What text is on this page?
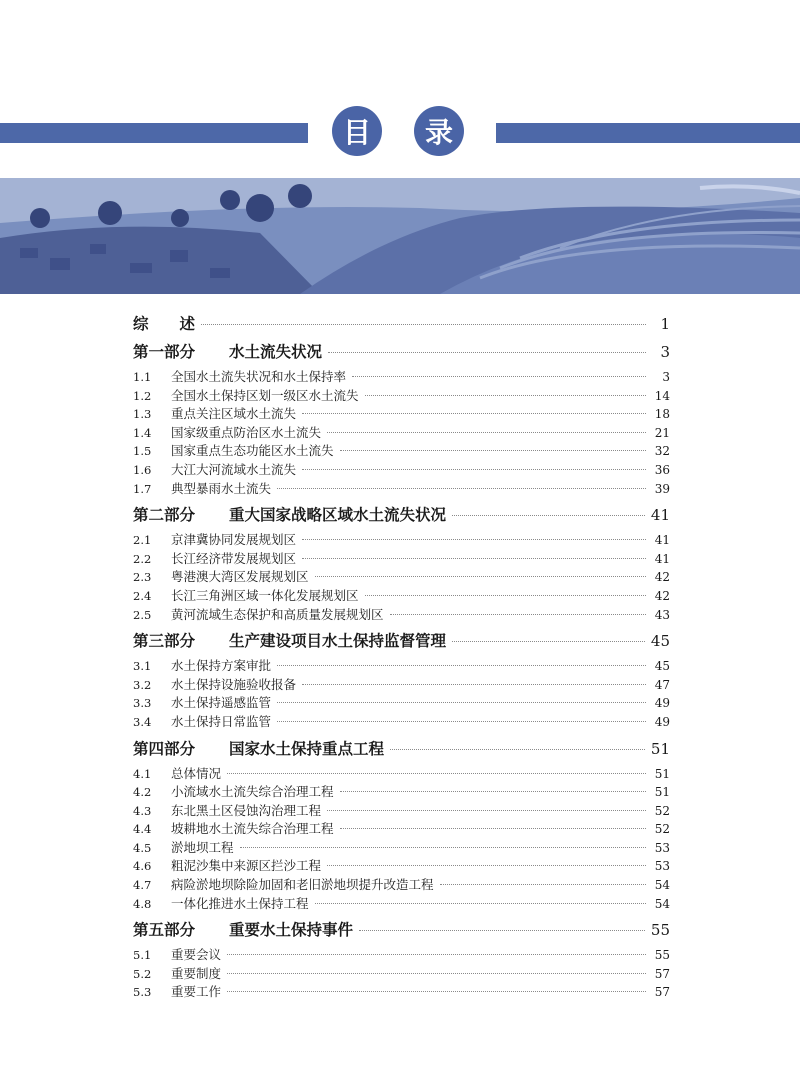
目	录
综　　述	1
第一部分	水土流失状况	3
1.1	全国水土流失状况和水土保持率	3
1.2	全国水土保持区划一级区水土流失	14
1.3	重点关注区域水土流失	18
1.4	国家级重点防治区水土流失	21
1.5	国家重点生态功能区水土流失	32
1.6	大江大河流域水土流失	36
1.7	典型暴雨水土流失	39
第二部分	重大国家战略区域水土流失状况	41
2.1	京津冀协同发展规划区	41
2.2	长江经济带发展规划区	41
2.3	粤港澳大湾区发展规划区	42
2.4	长江三角洲区域一体化发展规划区	42
2.5	黄河流域生态保护和高质量发展规划区	43
第三部分	生产建设项目水土保持监督管理	45
3.1	水土保持方案审批	45
3.2	水土保持设施验收报备	47
3.3	水土保持遥感监管	49
3.4	水土保持日常监管	49
第四部分	国家水土保持重点工程	51
4.1	总体情况	51
4.2	小流域水土流失综合治理工程	51
4.3	东北黑土区侵蚀沟治理工程	52
4.4	坡耕地水土流失综合治理工程	52
4.5	淤地坝工程	53
4.6	粗泥沙集中来源区拦沙工程	53
4.7	病险淤地坝除险加固和老旧淤地坝提升改造工程	54
4.8	一体化推进水土保持工程	54
第五部分	重要水土保持事件	55
5.1	重要会议	55
5.2	重要制度	57
5.3	重要工作	57
